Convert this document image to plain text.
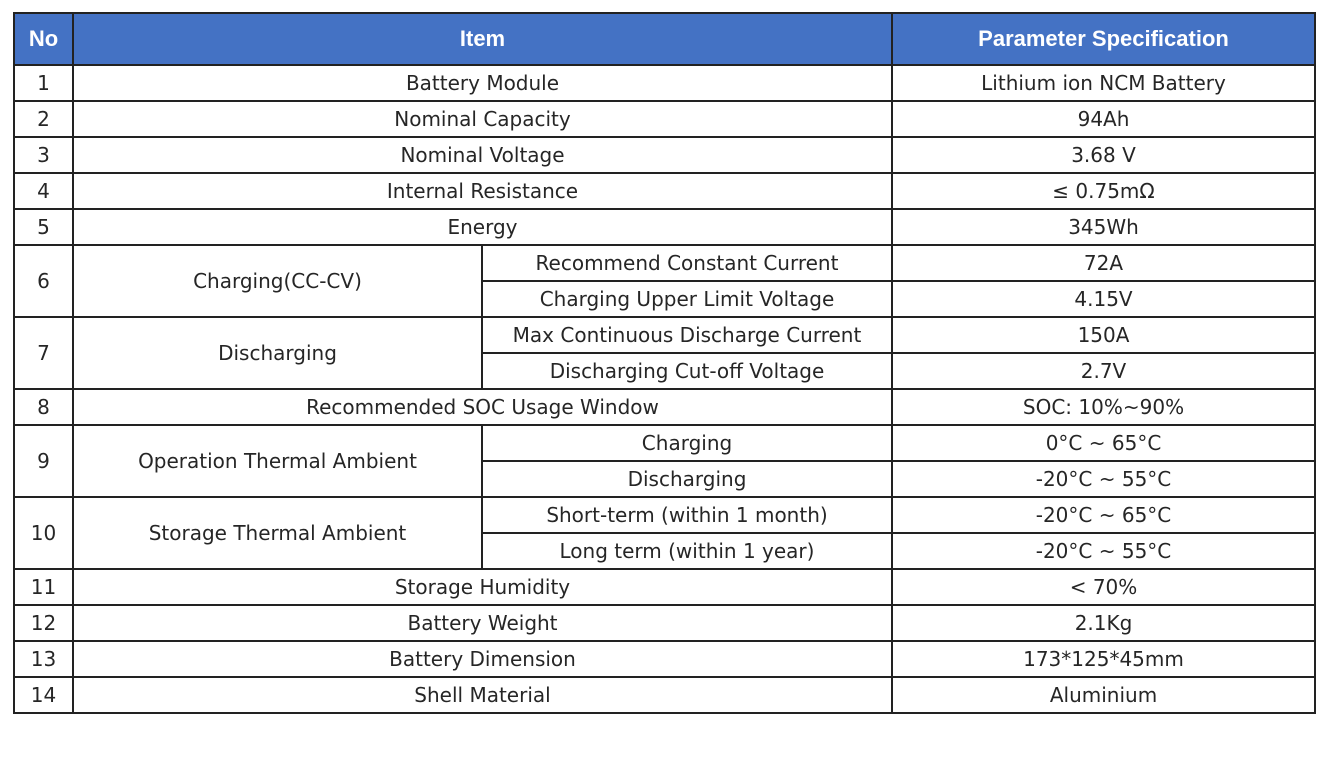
No	Item		Parameter Specification
1	Battery Module		Lithium ion NCM Battery
2	Nominal Capacity		94Ah
3	Nominal Voltage		3.68 V
4	Internal Resistance		≤ 0.75mΩ
5	Energy		345Wh
6	Charging(CC-CV)	Recommend Constant Current	72A
		Charging Upper Limit Voltage	4.15V
7	Discharging	Max Continuous Discharge Current	150A
		Discharging Cut-off Voltage	2.7V
8	Recommended SOC Usage Window		SOC: 10%~90%
9	Operation Thermal Ambient	Charging	0°C ~ 65°C
		Discharging	-20°C ~ 55°C
10	Storage Thermal Ambient	Short-term (within 1 month)	-20°C ~ 65°C
		Long term (within 1 year)	-20°C ~ 55°C
11	Storage Humidity		< 70%
12	Battery Weight		2.1Kg
13	Battery Dimension		173*125*45mm
14	Shell Material		Aluminium
